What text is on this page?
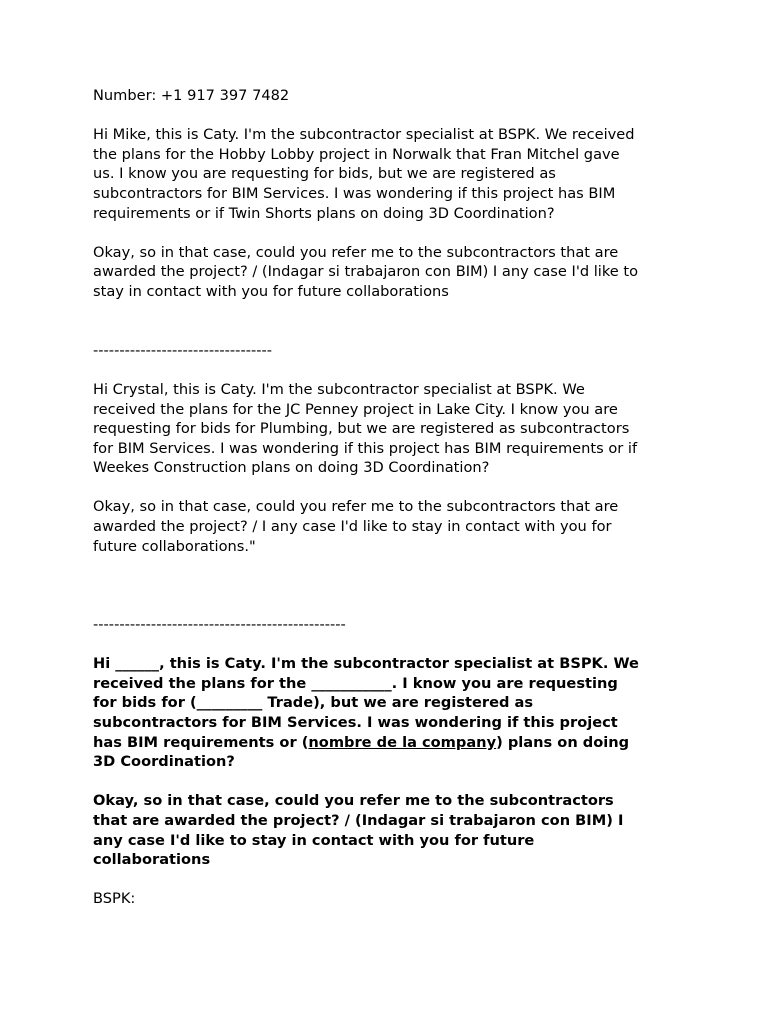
Number: +1 917 397 7482

Hi Mike, this is Caty. I'm the subcontractor specialist at BSPK. We received
the plans for the Hobby Lobby project in Norwalk that Fran Mitchel gave
us. I know you are requesting for bids, but we are registered as
subcontractors for BIM Services. I was wondering if this project has BIM
requirements or if Twin Shorts plans on doing 3D Coordination?

Okay, so in that case, could you refer me to the subcontractors that are
awarded the project? / (Indagar si trabajaron con BIM) I any case I'd like to
stay in contact with you for future collaborations

----------------------------------

Hi Crystal, this is Caty. I'm the subcontractor specialist at BSPK. We
received the plans for the JC Penney project in Lake City. I know you are
requesting for bids for Plumbing, but we are registered as subcontractors
for BIM Services. I was wondering if this project has BIM requirements or if
Weekes Construction plans on doing 3D Coordination?

Okay, so in that case, could you refer me to the subcontractors that are
awarded the project? / I any case I'd like to stay in contact with you for
future collaborations."

------------------------------------------------

Hi ______, this is Caty. I'm the subcontractor specialist at BSPK. We
received the plans for the ___________. I know you are requesting
for bids for (_________ Trade), but we are registered as
subcontractors for BIM Services. I was wondering if this project
has BIM requirements or (nombre de la company) plans on doing
3D Coordination?

Okay, so in that case, could you refer me to the subcontractors
that are awarded the project? / (Indagar si trabajaron con BIM) I
any case I'd like to stay in contact with you for future
collaborations

BSPK:
